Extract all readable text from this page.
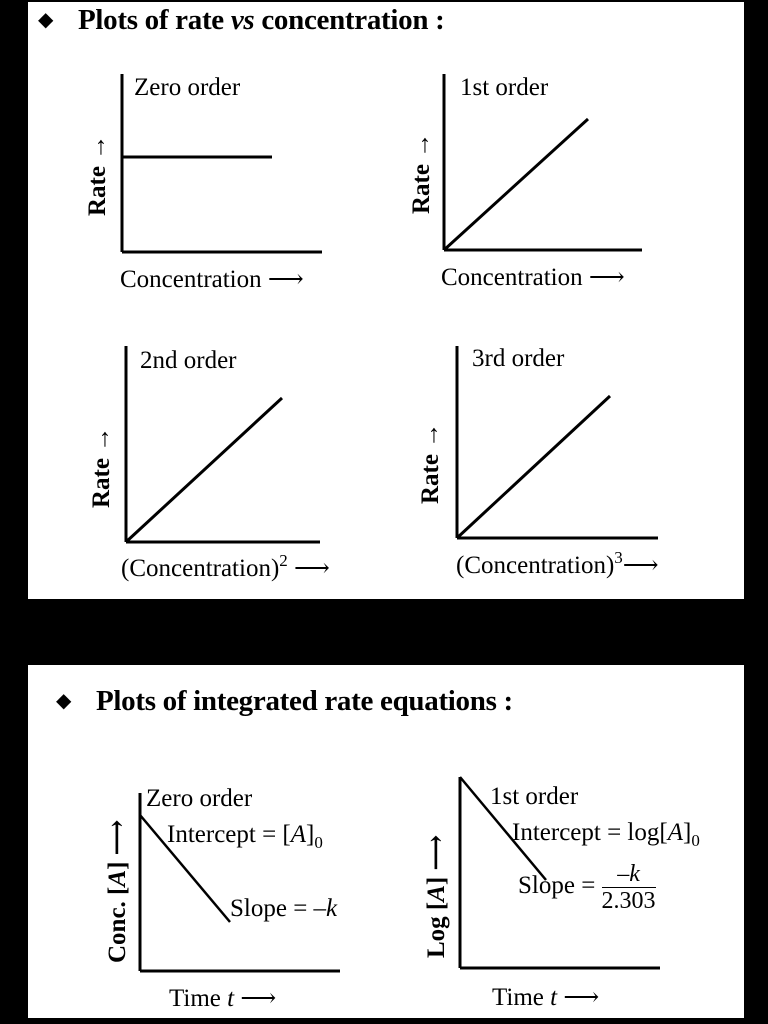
◆ Plots of rate vs concentration :
Zero order
Rate →
Concentration ⟶
1st order
Rate →
Concentration ⟶
2nd order
Rate →
(Concentration)$^2$ ⟶
3rd order
Rate →
(Concentration)$^3$⟶
◆ Plots of integrated rate equations :
Conc. [A] ⟶
Zero order
Intercept = $[A]_0$
Slope = –k
Time t ⟶
Log [A] ⟶
1st order
Intercept = $\log[A]_0$
Slope = $\frac{-k}{2.303}$
Time t ⟶
